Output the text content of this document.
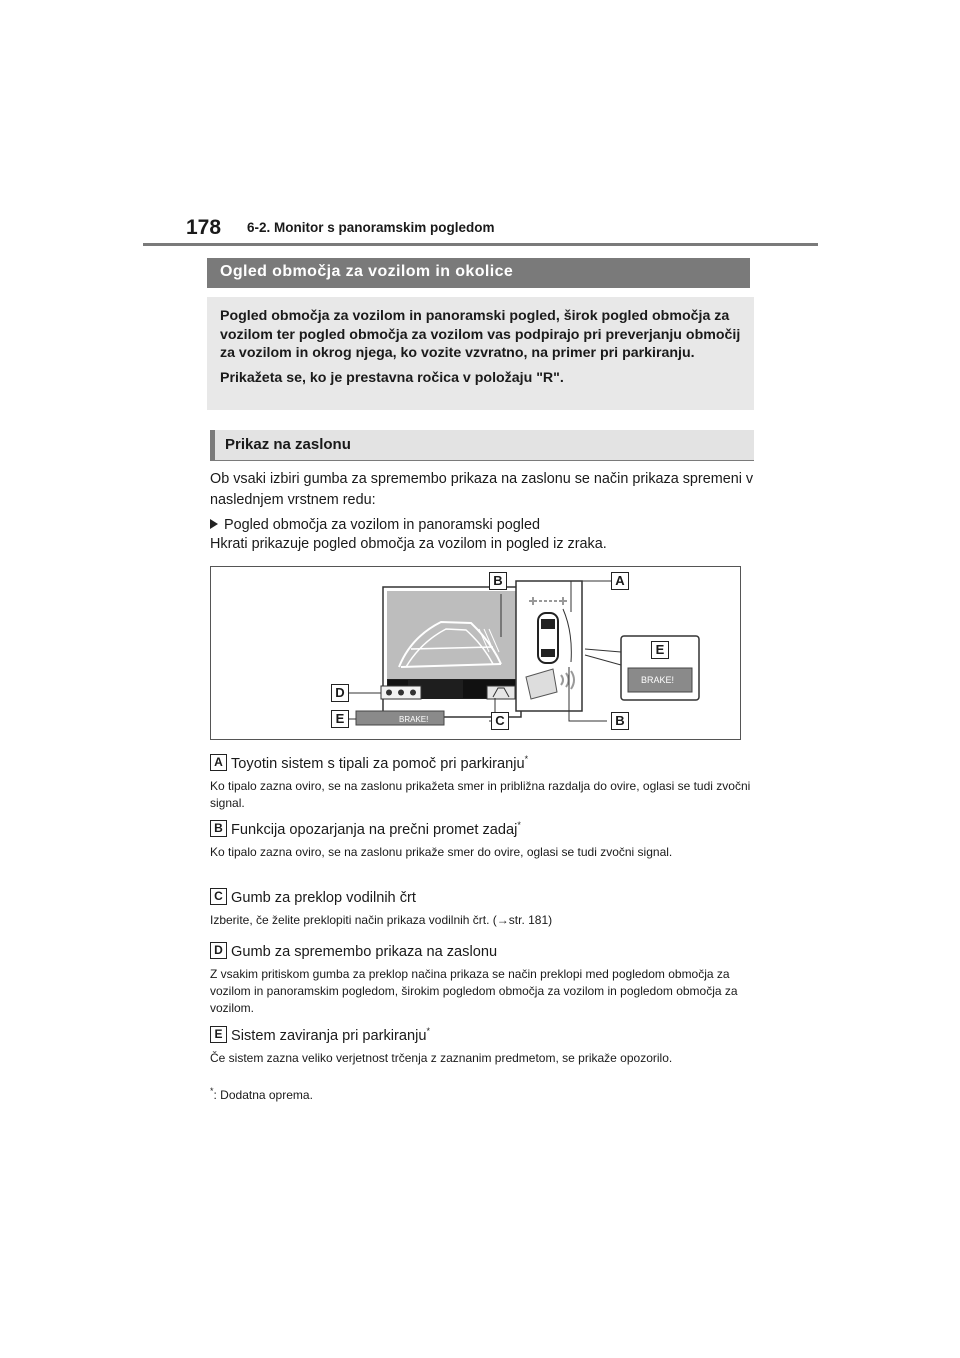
178 6-2. Monitor s panoramskim pogledom
Ogled območja za vozilom in okolice

Pogled območja za vozilom in panoramski pogled, širok pogled območja za vozilom ter pogled območja za vozilom vas podpirajo pri preverjanju območij za vozilom in okrog njega, ko vozite vzvratno, na primer pri parkiranju.

Prikažeta se, ko je prestavna ročica v položaju "R".

Prikaz na zaslonu
Ob vsaki izbiri gumba za spremembo prikaza na zaslonu se način prikaza spremeni v naslednjem vrstnem redu:
Pogled območja za vozilom in panoramski pogled
Hkrati prikazuje pogled območja za vozilom in pogled iz zraka.
BRAKE!
BRAKE!
B	A
E
D
E	C	B
A Toyotin sistem s tipali za pomoč pri parkiranju*
Ko tipalo zazna oviro, se na zaslonu prikažeta smer in približna razdalja do ovire, oglasi se tudi zvočni signal.
B Funkcija opozarjanja na prečni promet zadaj*
Ko tipalo zazna oviro, se na zaslonu prikaže smer do ovire, oglasi se tudi zvočni signal.
C Gumb za preklop vodilnih črt
Izberite, če želite preklopiti način prikaza vodilnih črt. (→str. 181)
D Gumb za spremembo prikaza na zaslonu
Z vsakim pritiskom gumba za preklop načina prikaza se način preklopi med pogledom območja za vozilom in panoramskim pogledom, širokim pogledom območja za vozilom in pogledom območja za vozilom.
E Sistem zaviranja pri parkiranju*
Če sistem zazna veliko verjetnost trčenja z zaznanim predmetom, se prikaže opozorilo.
*: Dodatna oprema.
